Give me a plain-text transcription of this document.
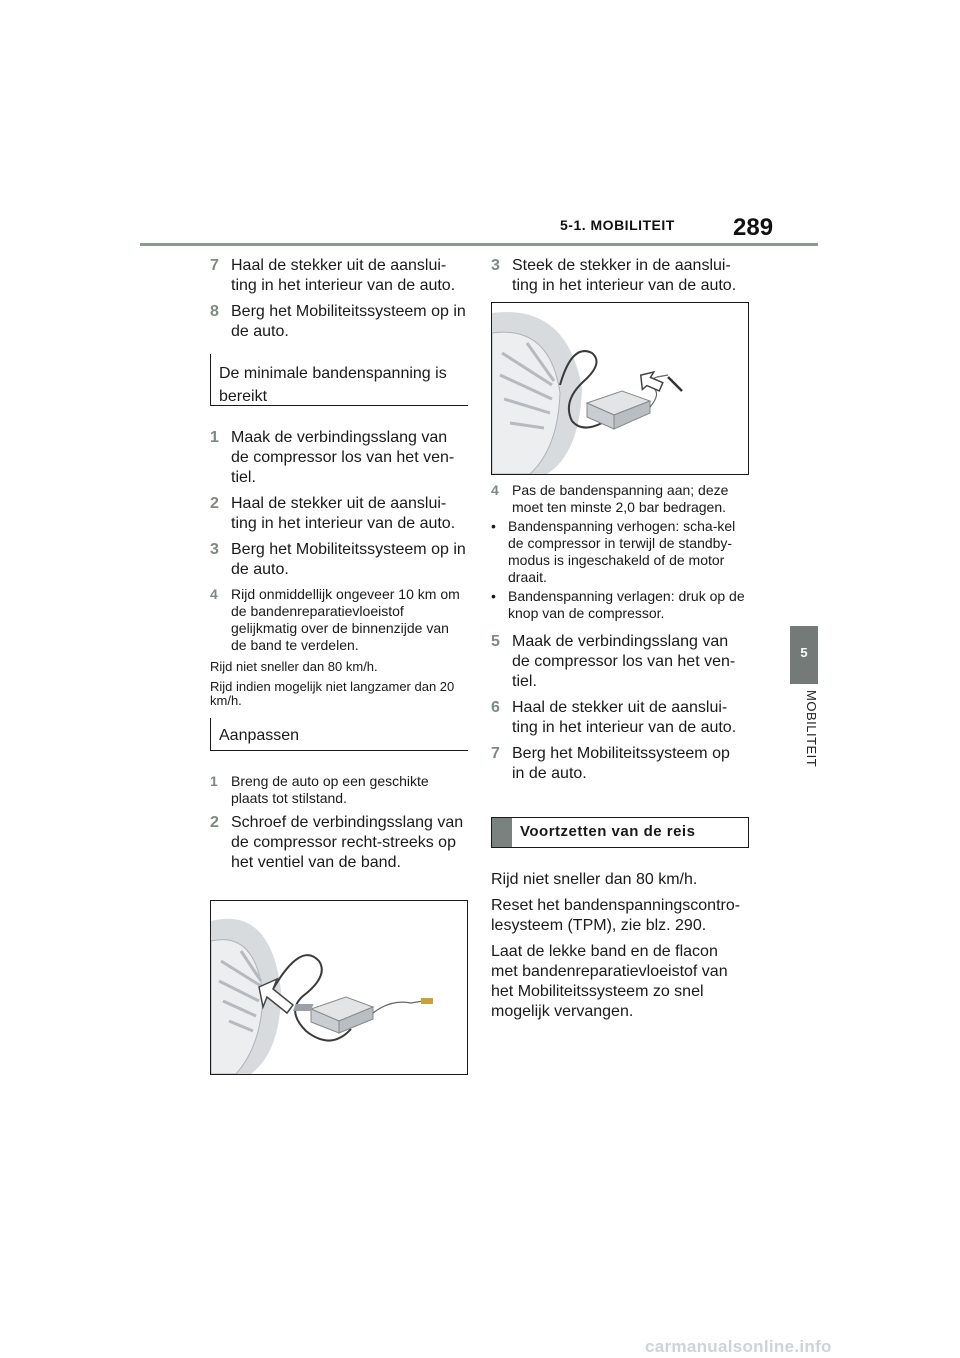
5-1. MOBILITEIT 289
5
MOBILITEIT
7 Haal de stekker uit de aanslui-ting in het interieur van de auto.
8 Berg het Mobiliteitssysteem op in de auto.
De minimale bandenspanning is bereikt
1 Maak de verbindingsslang van de compressor los van het ven-tiel.
2 Haal de stekker uit de aanslui-ting in het interieur van de auto.
3 Berg het Mobiliteitssysteem op in de auto.
4 Rijd onmiddellijk ongeveer 10 km om de bandenreparatievloeistof gelijkmatig over de binnenzijde van de band te verdelen.
Rijd niet sneller dan 80 km/h.
Rijd indien mogelijk niet langzamer dan 20 km/h.
Aanpassen
1 Breng de auto op een geschikte plaats tot stilstand.
2 Schroef de verbindingsslang van de compressor recht-streeks op het ventiel van de band.
3 Steek de stekker in de aanslui-ting in het interieur van de auto.
4 Pas de bandenspanning aan; deze moet ten minste 2,0 bar bedragen.
• Bandenspanning verhogen: scha-kel de compressor in terwijl de standby-modus is ingeschakeld of de motor draait.
• Bandenspanning verlagen: druk op de knop van de compressor.
5 Maak de verbindingsslang van de compressor los van het ven-tiel.
6 Haal de stekker uit de aanslui-ting in het interieur van de auto.
7 Berg het Mobiliteitssysteem op in de auto.
Voortzetten van de reis
Rijd niet sneller dan 80 km/h.
Reset het bandenspanningscontro-lesysteem (TPM), zie blz. 290.
Laat de lekke band en de flacon met bandenreparatievloeistof van het Mobiliteitssysteem zo snel mogelijk vervangen.
carmanualsonline.info
